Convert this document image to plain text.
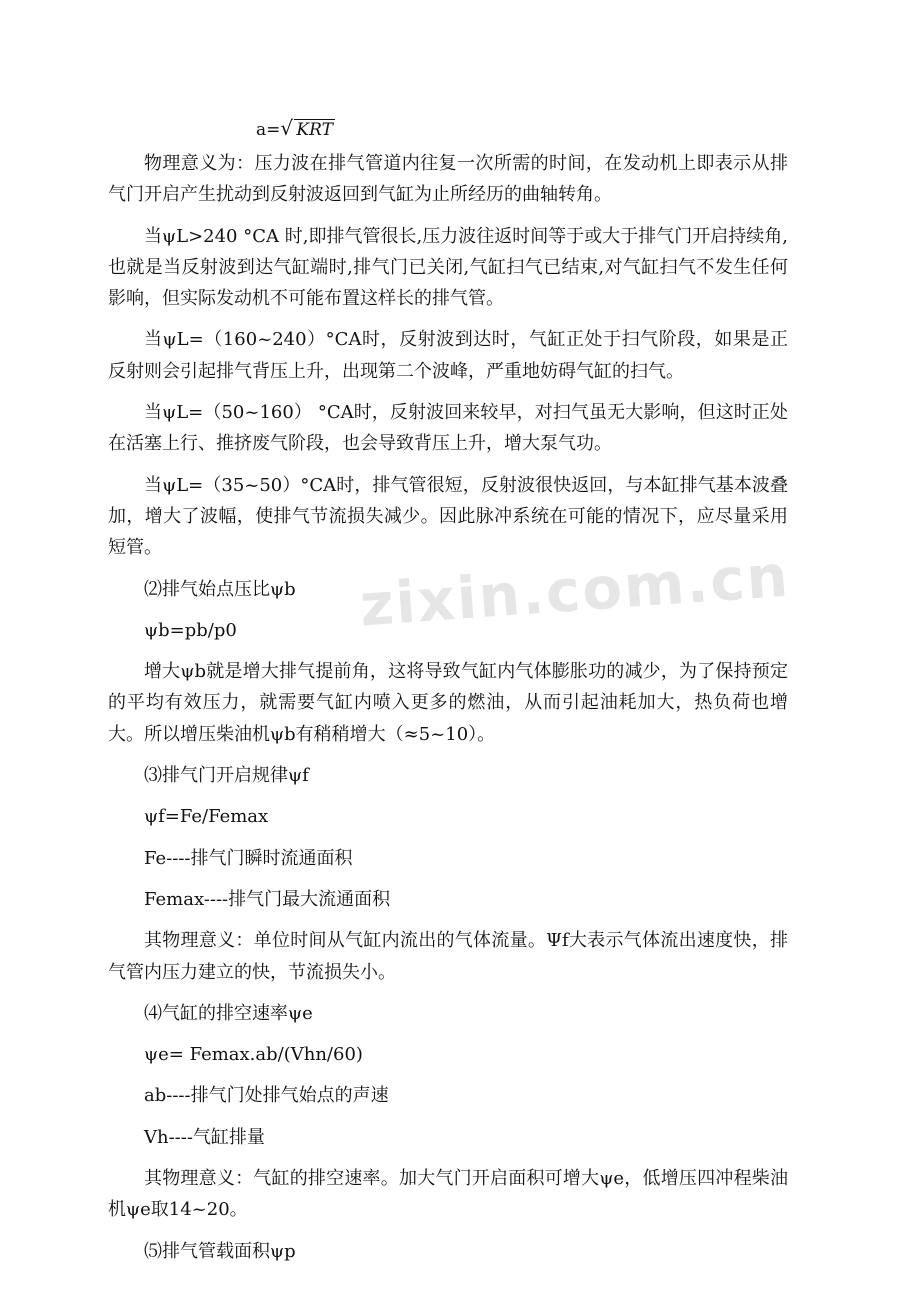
zixin.com.cn
a= √ KRT

物理意义为：压力波在排气管道内往复一次所需的时间，在发动机上即表示从排气门开启产生扰动到反射波返回到气缸为止所经历的曲轴转角。

当ψL>240 °CA 时,即排气管很长,压力波往返时间等于或大于排气门开启持续角,也就是当反射波到达气缸端时,排气门已关闭,气缸扫气已结束,对气缸扫气不发生任何影响，但实际发动机不可能布置这样长的排气管。

当ψL=（160~240）°CA时，反射波到达时，气缸正处于扫气阶段，如果是正反射则会引起排气背压上升，出现第二个波峰，严重地妨碍气缸的扫气。

当ψL=（50~160） °CA时，反射波回来较早，对扫气虽无大影响，但这时正处在活塞上行、推挤废气阶段，也会导致背压上升，增大泵气功。

当ψL=（35~50）°CA时，排气管很短，反射波很快返回，与本缸排气基本波叠加，增大了波幅，使排气节流损失减少。因此脉冲系统在可能的情况下，应尽量采用短管。

⑵排气始点压比ψb
ψb=pb/p0

增大ψb就是增大排气提前角，这将导致气缸内气体膨胀功的减少，为了保持预定的平均有效压力，就需要气缸内喷入更多的燃油，从而引起油耗加大，热负荷也增大。所以增压柴油机ψb有稍稍增大（≈5~10）。

⑶排气门开启规律ψf
ψf=Fe/Femax
Fe----排气门瞬时流通面积
Femax----排气门最大流通面积

其物理意义：单位时间从气缸内流出的气体流量。Ψf大表示气体流出速度快，排气管内压力建立的快，节流损失小。

⑷气缸的排空速率ψe
ψe= Femax.ab/(Vhn/60)
ab----排气门处排气始点的声速
Vh----气缸排量

其物理意义：气缸的排空速率。加大气门开启面积可增大ψe，低增压四冲程柴油机ψe取14~20。

⑸排气管载面积ψp
